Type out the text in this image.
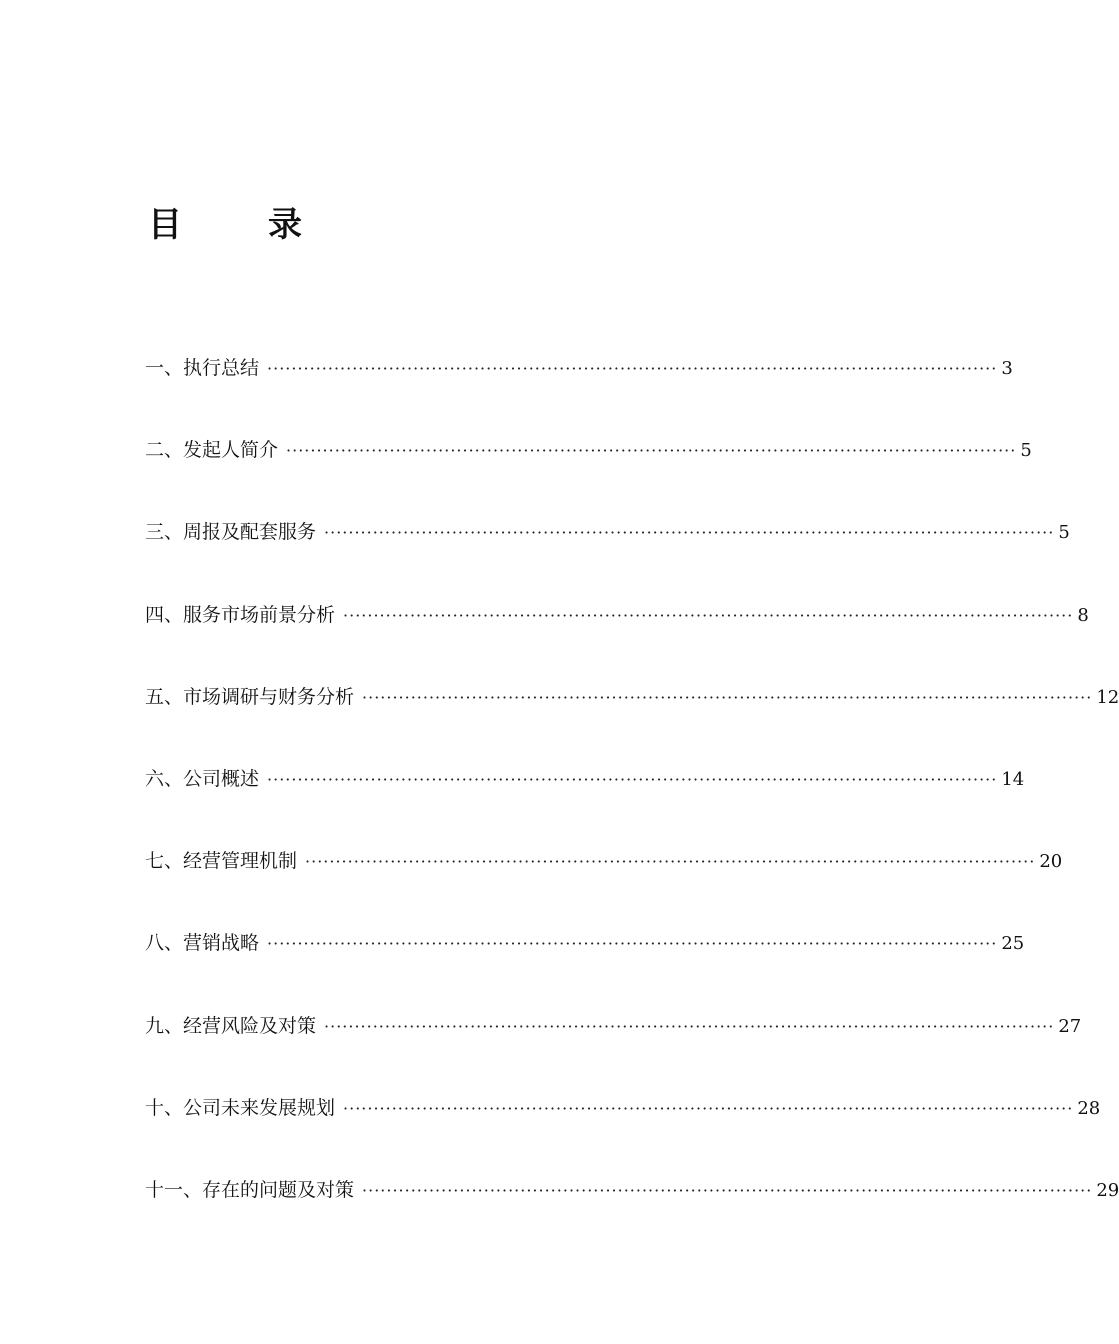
目　录
一、执行总结 ························································································································ 3
二、发起人简介 ························································································································ 5
三、周报及配套服务 ························································································································ 5
四、服务市场前景分析 ························································································································ 8
五、市场调研与财务分析 ························································································································ 12
六、公司概述 ························································································································ 14
七、经营管理机制 ························································································································ 20
八、营销战略 ························································································································ 25
九、经营风险及对策 ························································································································ 27
十、公司未来发展规划 ························································································································ 28
十一、存在的问题及对策 ························································································································ 29
